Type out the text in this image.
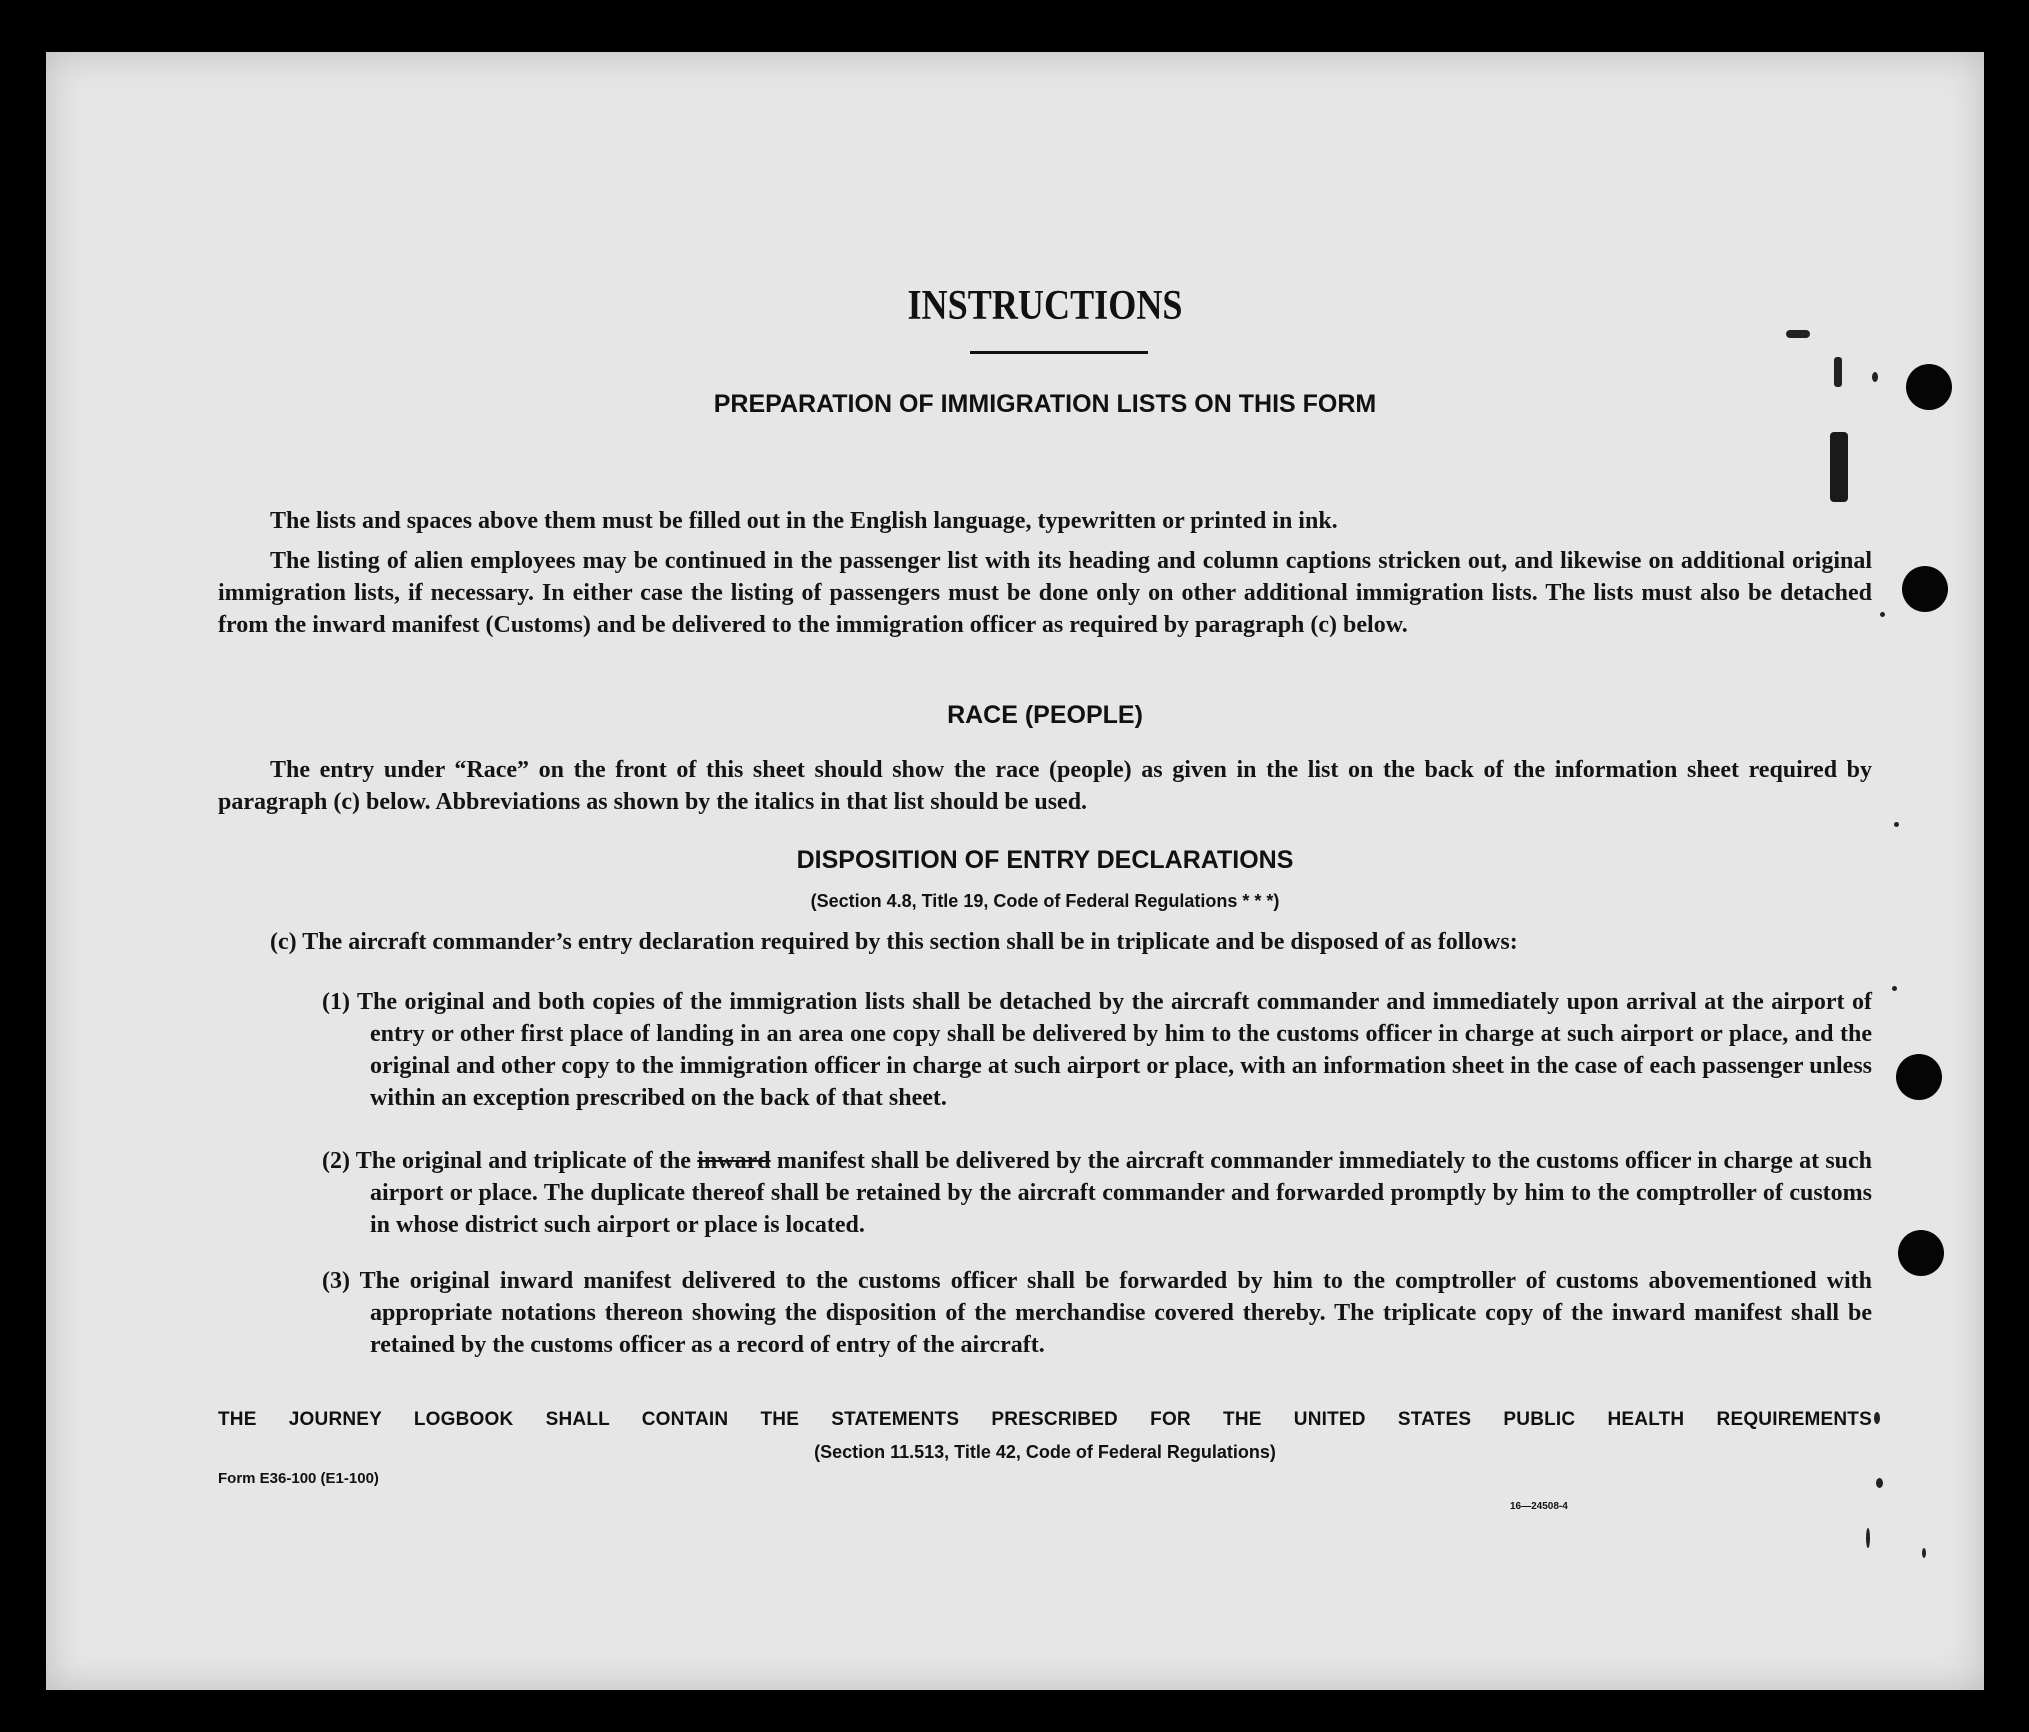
INSTRUCTIONS
PREPARATION OF IMMIGRATION LISTS ON THIS FORM
The lists and spaces above them must be filled out in the English language, typewritten or printed in ink.
The listing of alien employees may be continued in the passenger list with its heading and column captions stricken out, and likewise on additional original immigration lists, if necessary. In either case the listing of passengers must be done only on other additional immigration lists. The lists must also be detached from the inward manifest (Customs) and be delivered to the immigration officer as required by paragraph (c) below.
RACE (PEOPLE)
The entry under “Race” on the front of this sheet should show the race (people) as given in the list on the back of the information sheet required by paragraph (c) below. Abbreviations as shown by the italics in that list should be used.
DISPOSITION OF ENTRY DECLARATIONS
(Section 4.8, Title 19, Code of Federal Regulations * * *)
(c) The aircraft commander’s entry declaration required by this section shall be in triplicate and be disposed of as follows:
(1) The original and both copies of the immigration lists shall be detached by the aircraft commander and immediately upon arrival at the airport of entry or other first place of landing in an area one copy shall be delivered by him to the customs officer in charge at such airport or place, and the original and other copy to the immigration officer in charge at such airport or place, with an information sheet in the case of each passenger unless within an exception prescribed on the back of that sheet.
(2) The original and triplicate of the inward manifest shall be delivered by the aircraft commander immediately to the customs officer in charge at such airport or place. The duplicate thereof shall be retained by the aircraft commander and forwarded promptly by him to the comptroller of customs in whose district such airport or place is located.
(3) The original inward manifest delivered to the customs officer shall be forwarded by him to the comptroller of customs abovementioned with appropriate notations thereon showing the disposition of the merchandise covered thereby. The triplicate copy of the inward manifest shall be retained by the customs officer as a record of entry of the aircraft.
THE JOURNEY LOGBOOK SHALL CONTAIN THE STATEMENTS PRESCRIBED FOR THE UNITED STATES PUBLIC HEALTH REQUIREMENTS
(Section 11.513, Title 42, Code of Federal Regulations)
Form E36-100 (E1-100)
16—24508-4
